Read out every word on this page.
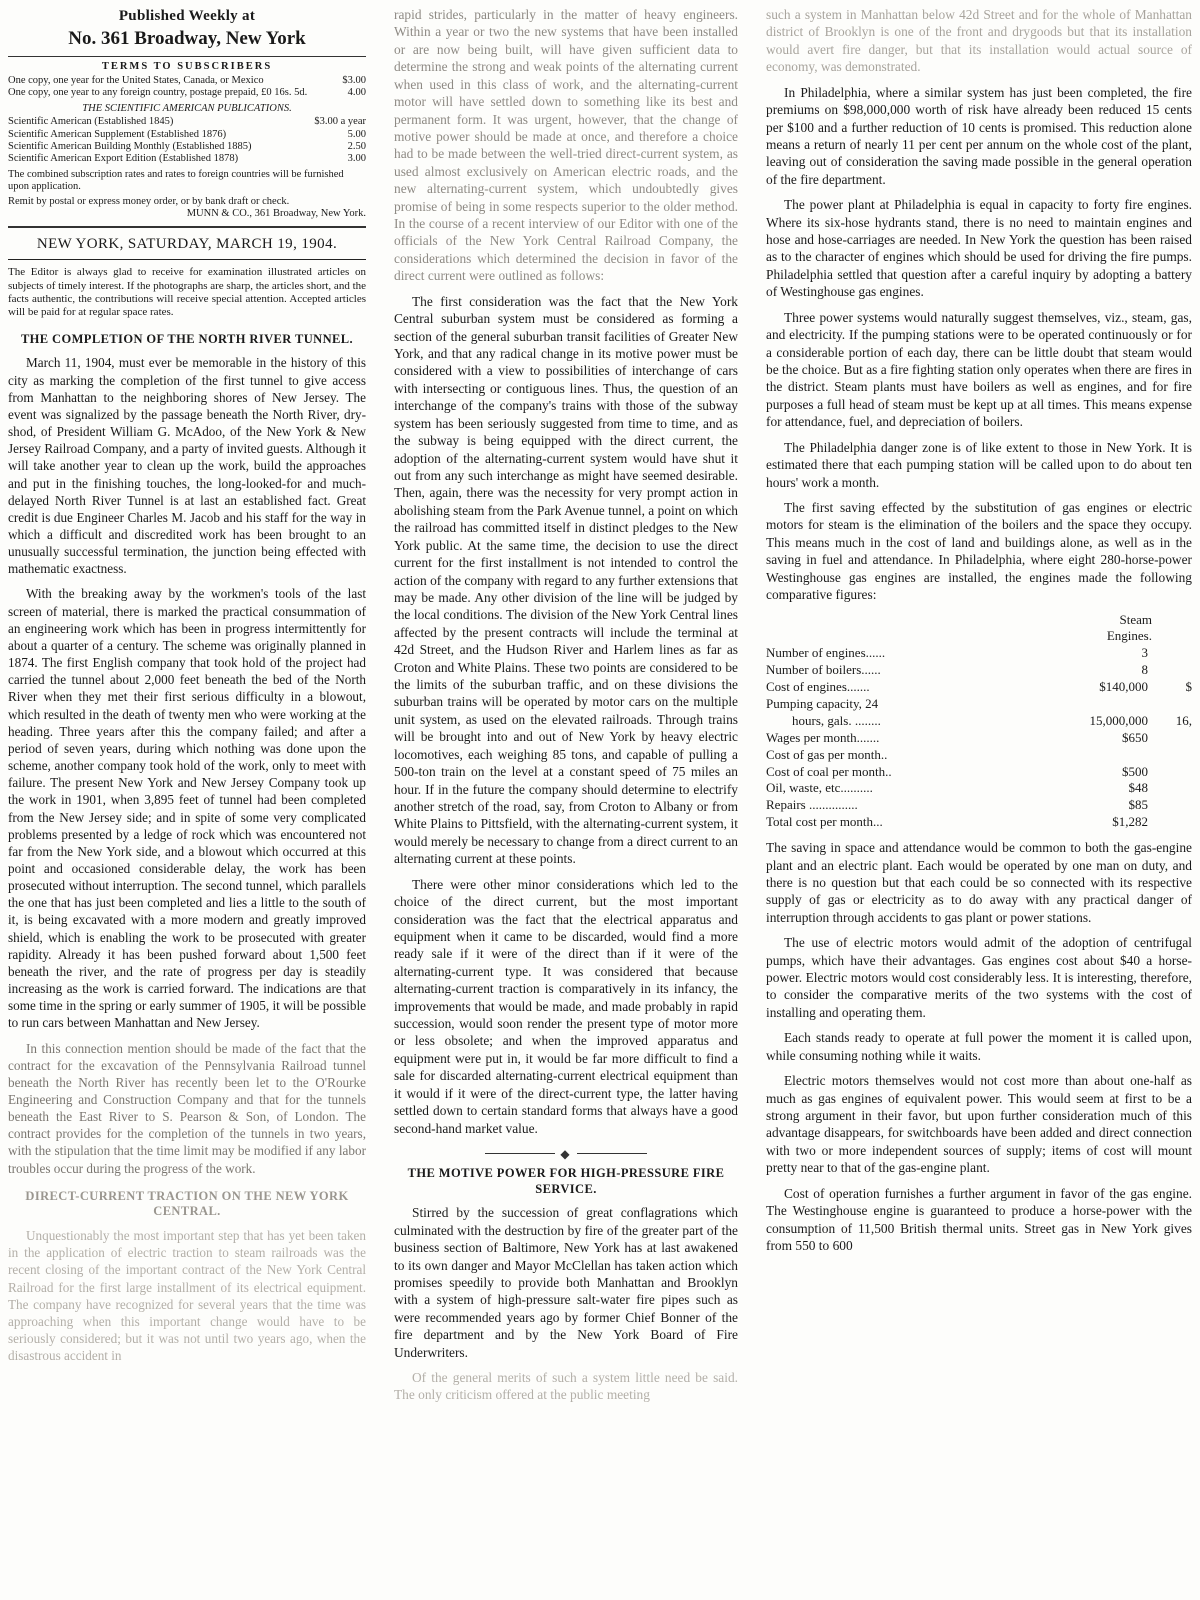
Published Weekly at
No. 361 Broadway, New York
TERMS TO SUBSCRIBERS
One copy, one year for the United States, Canada, or Mexico	$3.00
One copy, one year to any foreign country, postage prepaid, £0 16s. 5d.	4.00
THE SCIENTIFIC AMERICAN PUBLICATIONS.
Scientific American (Established 1845)	$3.00 a year
Scientific American Supplement (Established 1876)	5.00
Scientific American Building Monthly (Established 1885)	2.50
Scientific American Export Edition (Established 1878)	3.00
The combined subscription rates and rates to foreign countries will be furnished upon application.
Remit by postal or express money order, or by bank draft or check.
MUNN & CO., 361 Broadway, New York.
NEW YORK, SATURDAY, MARCH 19, 1904.
The Editor is always glad to receive for examination illustrated articles on subjects of timely interest. If the photographs are sharp, the articles short, and the facts authentic, the contributions will receive special attention. Accepted articles will be paid for at regular space rates.
THE COMPLETION OF THE NORTH RIVER TUNNEL.

March 11, 1904, must ever be memorable in the history of this city as marking the completion of the first tunnel to give access from Manhattan to the neighboring shores of New Jersey. The event was signalized by the passage beneath the North River, dry-shod, of President William G. McAdoo, of the New York & New Jersey Railroad Company, and a party of invited guests. Although it will take another year to clean up the work, build the approaches and put in the finishing touches, the long-looked-for and much-delayed North River Tunnel is at last an established fact. Great credit is due Engineer Charles M. Jacob and his staff for the way in which a difficult and discredited work has been brought to an unusually successful termination, the junction being effected with mathematic exactness.

With the breaking away by the workmen's tools of the last screen of material, there is marked the practical consummation of an engineering work which has been in progress intermittently for about a quarter of a century. The scheme was originally planned in 1874. The first English company that took hold of the project had carried the tunnel about 2,000 feet beneath the bed of the North River when they met their first serious difficulty in a blowout, which resulted in the death of twenty men who were working at the heading. Three years after this the company failed; and after a period of seven years, during which nothing was done upon the scheme, another company took hold of the work, only to meet with failure. The present New York and New Jersey Company took up the work in 1901, when 3,895 feet of tunnel had been completed from the New Jersey side; and in spite of some very complicated problems presented by a ledge of rock which was encountered not far from the New York side, and a blowout which occurred at this point and occasioned considerable delay, the work has been prosecuted without interruption. The second tunnel, which parallels the one that has just been completed and lies a little to the south of it, is being excavated with a more modern and greatly improved shield, which is enabling the work to be prosecuted with greater rapidity. Already it has been pushed forward about 1,500 feet beneath the river, and the rate of progress per day is steadily increasing as the work is carried forward. The indications are that some time in the spring or early summer of 1905, it will be possible to run cars between Manhattan and New Jersey.

In this connection mention should be made of the fact that the contract for the excavation of the Pennsylvania Railroad tunnel beneath the North River has recently been let to the O'Rourke Engineering and Construction Company and that for the tunnels beneath the East River to S. Pearson & Son, of London. The contract provides for the completion of the tunnels in two years, with the stipulation that the time limit may be modified if any labor troubles occur during the progress of the work.

DIRECT-CURRENT TRACTION ON THE NEW YORK CENTRAL.

Unquestionably the most important step that has yet been taken in the application of electric traction to steam railroads was the recent closing of the important contract of the New York Central Railroad for the first large installment of its electrical equipment. The company have recognized for several years that the time was approaching when this important change would have to be seriously considered; but it was not until two years ago, when the disastrous accident in

rapid strides, particularly in the matter of heavy engineers. Within a year or two the new systems that have been installed or are now being built, will have given sufficient data to determine the strong and weak points of the alternating current when used in this class of work, and the alternating-current motor will have settled down to something like its best and permanent form. It was urgent, however, that the change of motive power should be made at once, and therefore a choice had to be made between the well-tried direct-current system, as used almost exclusively on American electric roads, and the new alternating-current system, which undoubtedly gives promise of being in some respects superior to the older method. In the course of a recent interview of our Editor with one of the officials of the New York Central Railroad Company, the considerations which determined the decision in favor of the direct current were outlined as follows:

The first consideration was the fact that the New York Central suburban system must be considered as forming a section of the general suburban transit facilities of Greater New York, and that any radical change in its motive power must be considered with a view to possibilities of interchange of cars with intersecting or contiguous lines. Thus, the question of an interchange of the company's trains with those of the subway system has been seriously suggested from time to time, and as the subway is being equipped with the direct current, the adoption of the alternating-current system would have shut it out from any such interchange as might have seemed desirable. Then, again, there was the necessity for very prompt action in abolishing steam from the Park Avenue tunnel, a point on which the railroad has committed itself in distinct pledges to the New York public. At the same time, the decision to use the direct current for the first installment is not intended to control the action of the company with regard to any further extensions that may be made. Any other division of the line will be judged by the local conditions. The division of the New York Central lines affected by the present contracts will include the terminal at 42d Street, and the Hudson River and Harlem lines as far as Croton and White Plains. These two points are considered to be the limits of the suburban traffic, and on these divisions the suburban trains will be operated by motor cars on the multiple unit system, as used on the elevated railroads. Through trains will be brought into and out of New York by heavy electric locomotives, each weighing 85 tons, and capable of pulling a 500-ton train on the level at a constant speed of 75 miles an hour. If in the future the company should determine to electrify another stretch of the road, say, from Croton to Albany or from White Plains to Pittsfield, with the alternating-current system, it would merely be necessary to change from a direct current to an alternating current at these points.

There were other minor considerations which led to the choice of the direct current, but the most important consideration was the fact that the electrical apparatus and equipment when it came to be discarded, would find a more ready sale if it were of the direct than if it were of the alternating-current type. It was considered that because alternating-current traction is comparatively in its infancy, the improvements that would be made, and made probably in rapid succession, would soon render the present type of motor more or less obsolete; and when the improved apparatus and equipment were put in, it would be far more difficult to find a sale for discarded alternating-current electrical equipment than it would if it were of the direct-current type, the latter having settled down to certain standard forms that always have a good second-hand market value.

◆
THE MOTIVE POWER FOR HIGH-PRESSURE FIRE SERVICE.

Stirred by the succession of great conflagrations which culminated with the destruction by fire of the greater part of the business section of Baltimore, New York has at last awakened to its own danger and Mayor McClellan has taken action which promises speedily to provide both Manhattan and Brooklyn with a system of high-pressure salt-water fire pipes such as were recommended years ago by former Chief Bonner of the fire department and by the New York Board of Fire Underwriters.

Of the general merits of such a system little need be said. The only criticism offered at the public meeting

such a system in Manhattan below 42d Street and for the whole of Manhattan district of Brooklyn is one of the front and drygoods but that its installation would avert fire danger, but that its installation would actual source of economy, was demonstrated.

In Philadelphia, where a similar system has just been completed, the fire premiums on $98,000,000 worth of risk have already been reduced 15 cents per $100 and a further reduction of 10 cents is promised. This reduction alone means a return of nearly 11 per cent per annum on the whole cost of the plant, leaving out of consideration the saving made possible in the general operation of the fire department.

The power plant at Philadelphia is equal in capacity to forty fire engines. Where its six-hose hydrants stand, there is no need to maintain engines and hose and hose-carriages are needed. In New York the question has been raised as to the character of engines which should be used for driving the fire pumps. Philadelphia settled that question after a careful inquiry by adopting a battery of Westinghouse gas engines.

Three power systems would naturally suggest themselves, viz., steam, gas, and electricity. If the pumping stations were to be operated continuously or for a considerable portion of each day, there can be little doubt that steam would be the choice. But as a fire fighting station only operates when there are fires in the district. Steam plants must have boilers as well as engines, and for fire purposes a full head of steam must be kept up at all times. This means expense for attendance, fuel, and depreciation of boilers.

The Philadelphia danger zone is of like extent to those in New York. It is estimated there that each pumping station will be called upon to do about ten hours' work a month.

The first saving effected by the substitution of gas engines or electric motors for steam is the elimination of the boilers and the space they occupy. This means much in the cost of land and buildings alone, as well as in the saving in fuel and attendance. In Philadelphia, where eight 280-horse-power Westinghouse gas engines are installed, the engines made the following comparative figures:

Steam
Engines.
Number of engines......	3
Number of boilers......	8
Cost of engines.......	$140,000	$
Pumping capacity, 24
hours, gals. ........	15,000,000	16,
Wages per month.......	$650
Cost of gas per month..
Cost of coal per month..	$500
Oil, waste, etc..........	$48
Repairs ...............	$85
Total cost per month...	$1,282

The saving in space and attendance would be common to both the gas-engine plant and an electric plant. Each would be operated by one man on duty, and there is no question but that each could be so connected with its respective supply of gas or electricity as to do away with any practical danger of interruption through accidents to gas plant or power stations.

The use of electric motors would admit of the adoption of centrifugal pumps, which have their advantages. Gas engines cost about $40 a horse-power. Electric motors would cost considerably less. It is interesting, therefore, to consider the comparative merits of the two systems with the cost of installing and operating them.

Each stands ready to operate at full power the moment it is called upon, while consuming nothing while it waits.

Electric motors themselves would not cost more than about one-half as much as gas engines of equivalent power. This would seem at first to be a strong argument in their favor, but upon further consideration much of this advantage disappears, for switchboards have been added and direct connection with two or more independent sources of supply; items of cost will mount pretty near to that of the gas-engine plant.

Cost of operation furnishes a further argument in favor of the gas engine. The Westinghouse engine is guaranteed to produce a horse-power with the consumption of 11,500 British thermal units. Street gas in New York gives from 550 to 600
